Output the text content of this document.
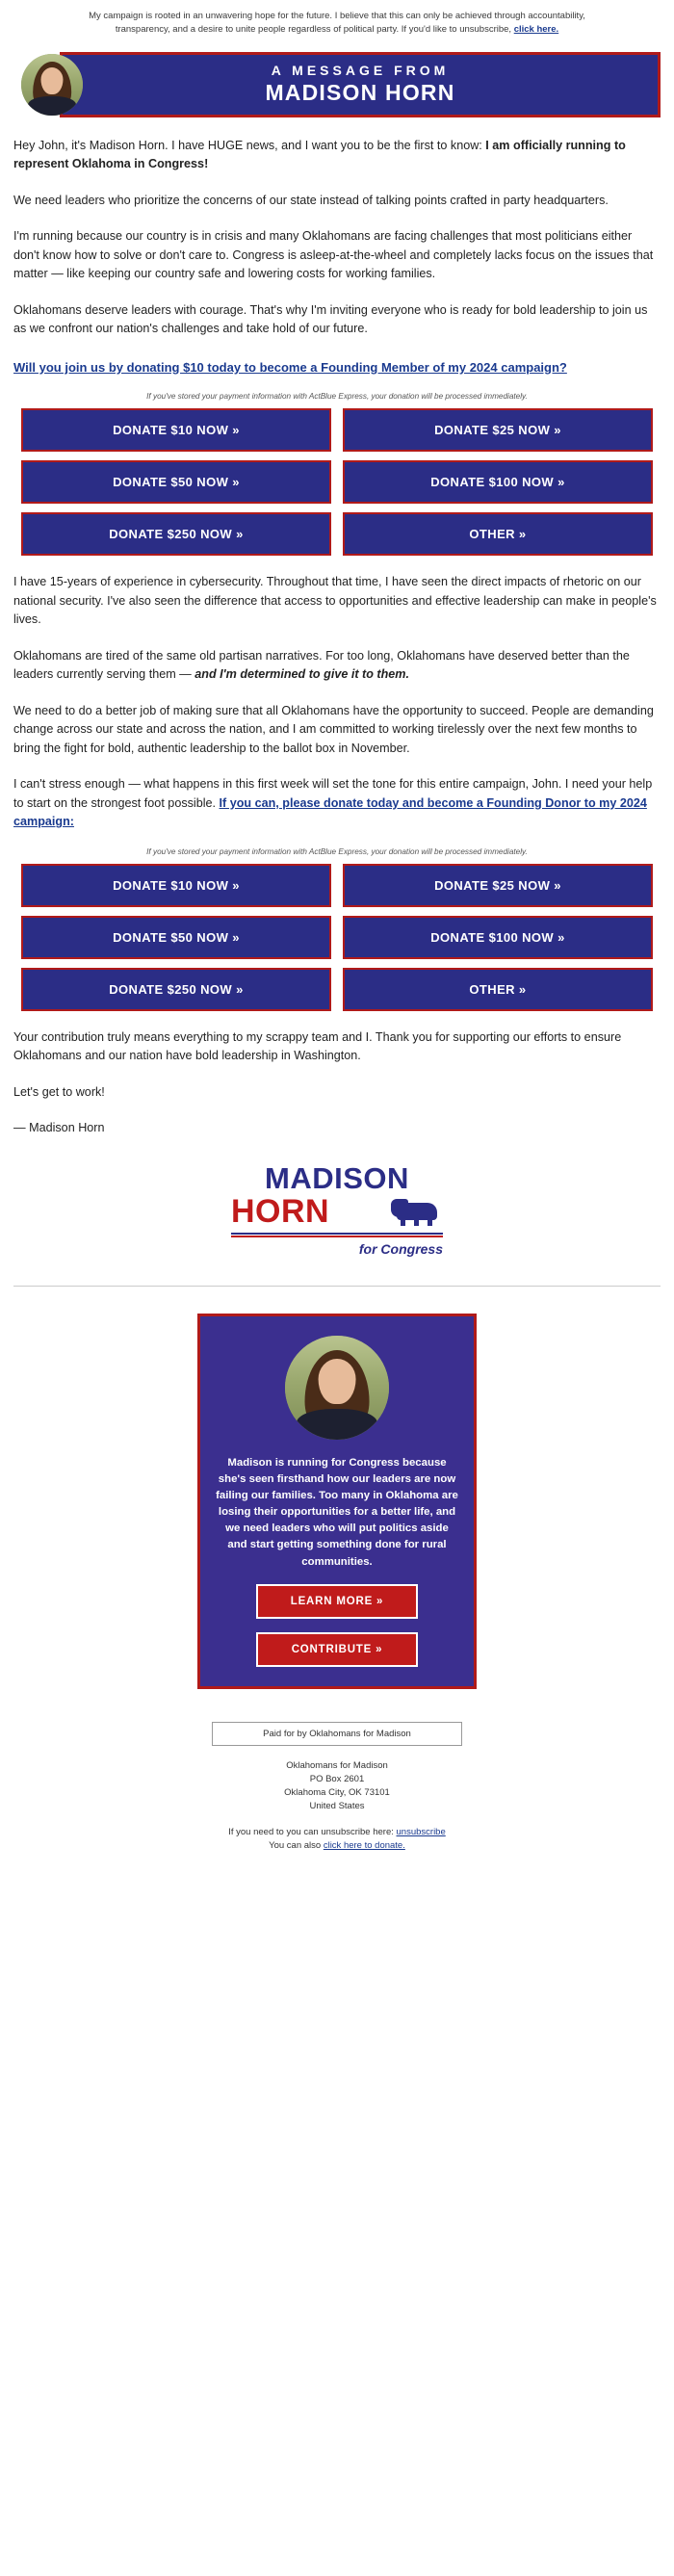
My campaign is rooted in an unwavering hope for the future. I believe that this can only be achieved through accountability, transparency, and a desire to unite people regardless of political party. If you'd like to unsubscribe, click here.
A MESSAGE FROM
MADISON HORN

Hey John, it's Madison Horn. I have HUGE news, and I want you to be the first to know: I am officially running to represent Oklahoma in Congress!

We need leaders who prioritize the concerns of our state instead of talking points crafted in party headquarters.

I'm running because our country is in crisis and many Oklahomans are facing challenges that most politicians either don't know how to solve or don't care to. Congress is asleep-at-the-wheel and completely lacks focus on the issues that matter — like keeping our country safe and lowering costs for working families.

Oklahomans deserve leaders with courage. That's why I'm inviting everyone who is ready for bold leadership to join us as we confront our nation's challenges and take hold of our future.

Will you join us by donating $10 today to become a Founding Member of my 2024 campaign?

If you've stored your payment information with ActBlue Express, your donation will be processed immediately.
DONATE $10 NOW »	DONATE $25 NOW »
DONATE $50 NOW »	DONATE $100 NOW »
DONATE $250 NOW »	OTHER »

I have 15-years of experience in cybersecurity. Throughout that time, I have seen the direct impacts of rhetoric on our national security. I've also seen the difference that access to opportunities and effective leadership can make in people's lives.

Oklahomans are tired of the same old partisan narratives. For too long, Oklahomans have deserved better than the leaders currently serving them — and I'm determined to give it to them.

We need to do a better job of making sure that all Oklahomans have the opportunity to succeed. People are demanding change across our state and across the nation, and I am committed to working tirelessly over the next few months to bring the fight for bold, authentic leadership to the ballot box in November.

I can't stress enough — what happens in this first week will set the tone for this entire campaign, John. I need your help to start on the strongest foot possible. If you can, please donate today and become a Founding Donor to my 2024 campaign:

If you've stored your payment information with ActBlue Express, your donation will be processed immediately.
DONATE $10 NOW »	DONATE $25 NOW »
DONATE $50 NOW »	DONATE $100 NOW »
DONATE $250 NOW »	OTHER »

Your contribution truly means everything to my scrappy team and I. Thank you for supporting our efforts to ensure Oklahomans and our nation have bold leadership in Washington.

Let's get to work!

— Madison Horn

MADISON
HORN
for Congress
Madison is running for Congress because she's seen firsthand how our leaders are now failing our families. Too many in Oklahoma are losing their opportunities for a better life, and we need leaders who will put politics aside and start getting something done for rural communities.
LEARN MORE »
CONTRIBUTE »
Paid for by Oklahomans for Madison
Oklahomans for Madison
PO Box 2601
Oklahoma City, OK 73101
United States
If you need to you can unsubscribe here: unsubscribe
You can also click here to donate.
